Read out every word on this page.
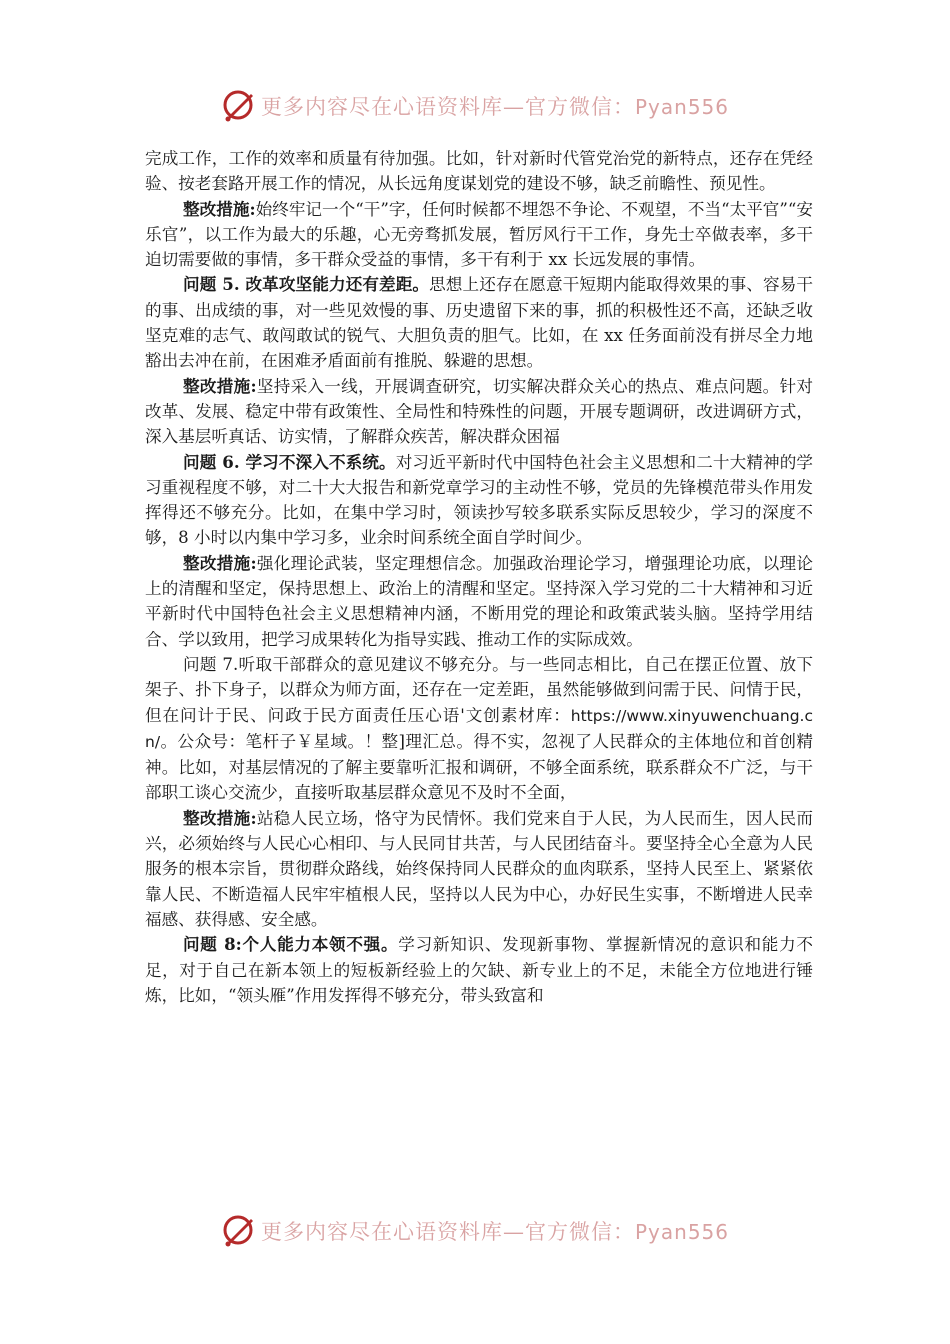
更多内容尽在心语资料库—官方微信：Pyan556

完成工作，工作的效率和质量有待加强。比如，针对新时代管党治党的新特点，还存在凭经验、按老套路开展工作的情况，从长远角度谋划党的建设不够，缺乏前瞻性、预见性。

整改措施:始终牢记一个“干”字，任何时候都不埋怨不争论、不观望，不当“太平官”“安乐官”，以工作为最大的乐趣，心无旁骛抓发展，暂厉风行干工作，身先士卒做表率，多干迫切需要做的事情，多干群众受益的事情，多干有利于 xx 长远发展的事情。

问题 5. 改革攻坚能力还有差距。思想上还存在愿意干短期内能取得效果的事、容易干的事、出成绩的事，对一些见效慢的事、历史遗留下来的事，抓的积极性还不高，还缺乏收坚克难的志气、敢闯敢试的锐气、大胆负责的胆气。比如，在 xx 任务面前没有拼尽全力地豁出去冲在前，在困难矛盾面前有推脱、躲避的思想。

整改措施:坚持采入一线，开展调查研究，切实解决群众关心的热点、难点问题。针对改革、发展、稳定中带有政策性、全局性和特殊性的问题，开展专题调研，改进调研方式，深入基层听真话、访实情，了解群众疾苦，解决群众困福

问题 6. 学习不深入不系统。对习近平新时代中国特色社会主义思想和二十大精神的学习重视程度不够，对二十大大报告和新党章学习的主动性不够，党员的先锋模范带头作用发挥得还不够充分。比如，在集中学习时，领读抄写较多联系实际反思较少，学习的深度不够，8 小时以内集中学习多，业余时间系统全面自学时间少。

整改措施:强化理论武装，坚定理想信念。加强政治理论学习，增强理论功底，以理论上的清醒和坚定，保持思想上、政治上的清醒和坚定。坚持深入学习党的二十大精神和习近平新时代中国特色社会主义思想精神内涵，不断用党的理论和政策武装头脑。坚持学用结合、学以致用，把学习成果转化为指导实践、推动工作的实际成效。

问题 7.听取干部群众的意见建议不够充分。与一些同志相比，自己在摆正位置、放下架子、扑下身子，以群众为师方面，还存在一定差距，虽然能够做到问需于民、问情于民，但在问计于民、问政于民方面责任压心语'文创素材库：https://www.xinyuwenchuang.cn/。公众号：笔杆子￥星域。！整]理汇总。得不实，忽视了人民群众的主体地位和首创精神。比如，对基层情况的了解主要靠听汇报和调研，不够全面系统，联系群众不广泛，与干部职工谈心交流少，直接听取基层群众意见不及时不全面，

整改措施:站稳人民立场，恪守为民情怀。我们党来自于人民，为人民而生，因人民而兴，必须始终与人民心心相印、与人民同甘共苦，与人民团结奋斗。要坚持全心全意为人民服务的根本宗旨，贯彻群众路线，始终保持同人民群众的血肉联系，坚持人民至上、紧紧依靠人民、不断造福人民牢牢植根人民，坚持以人民为中心，办好民生实事，不断增进人民幸福感、获得感、安全感。

问题 8:个人能力本领不强。学习新知识、发现新事物、掌握新情况的意识和能力不足，对于自己在新本领上的短板新经验上的欠缺、新专业上的不足，未能全方位地进行锤炼，比如，“领头雁”作用发挥得不够充分，带头致富和

更多内容尽在心语资料库—官方微信：Pyan556
